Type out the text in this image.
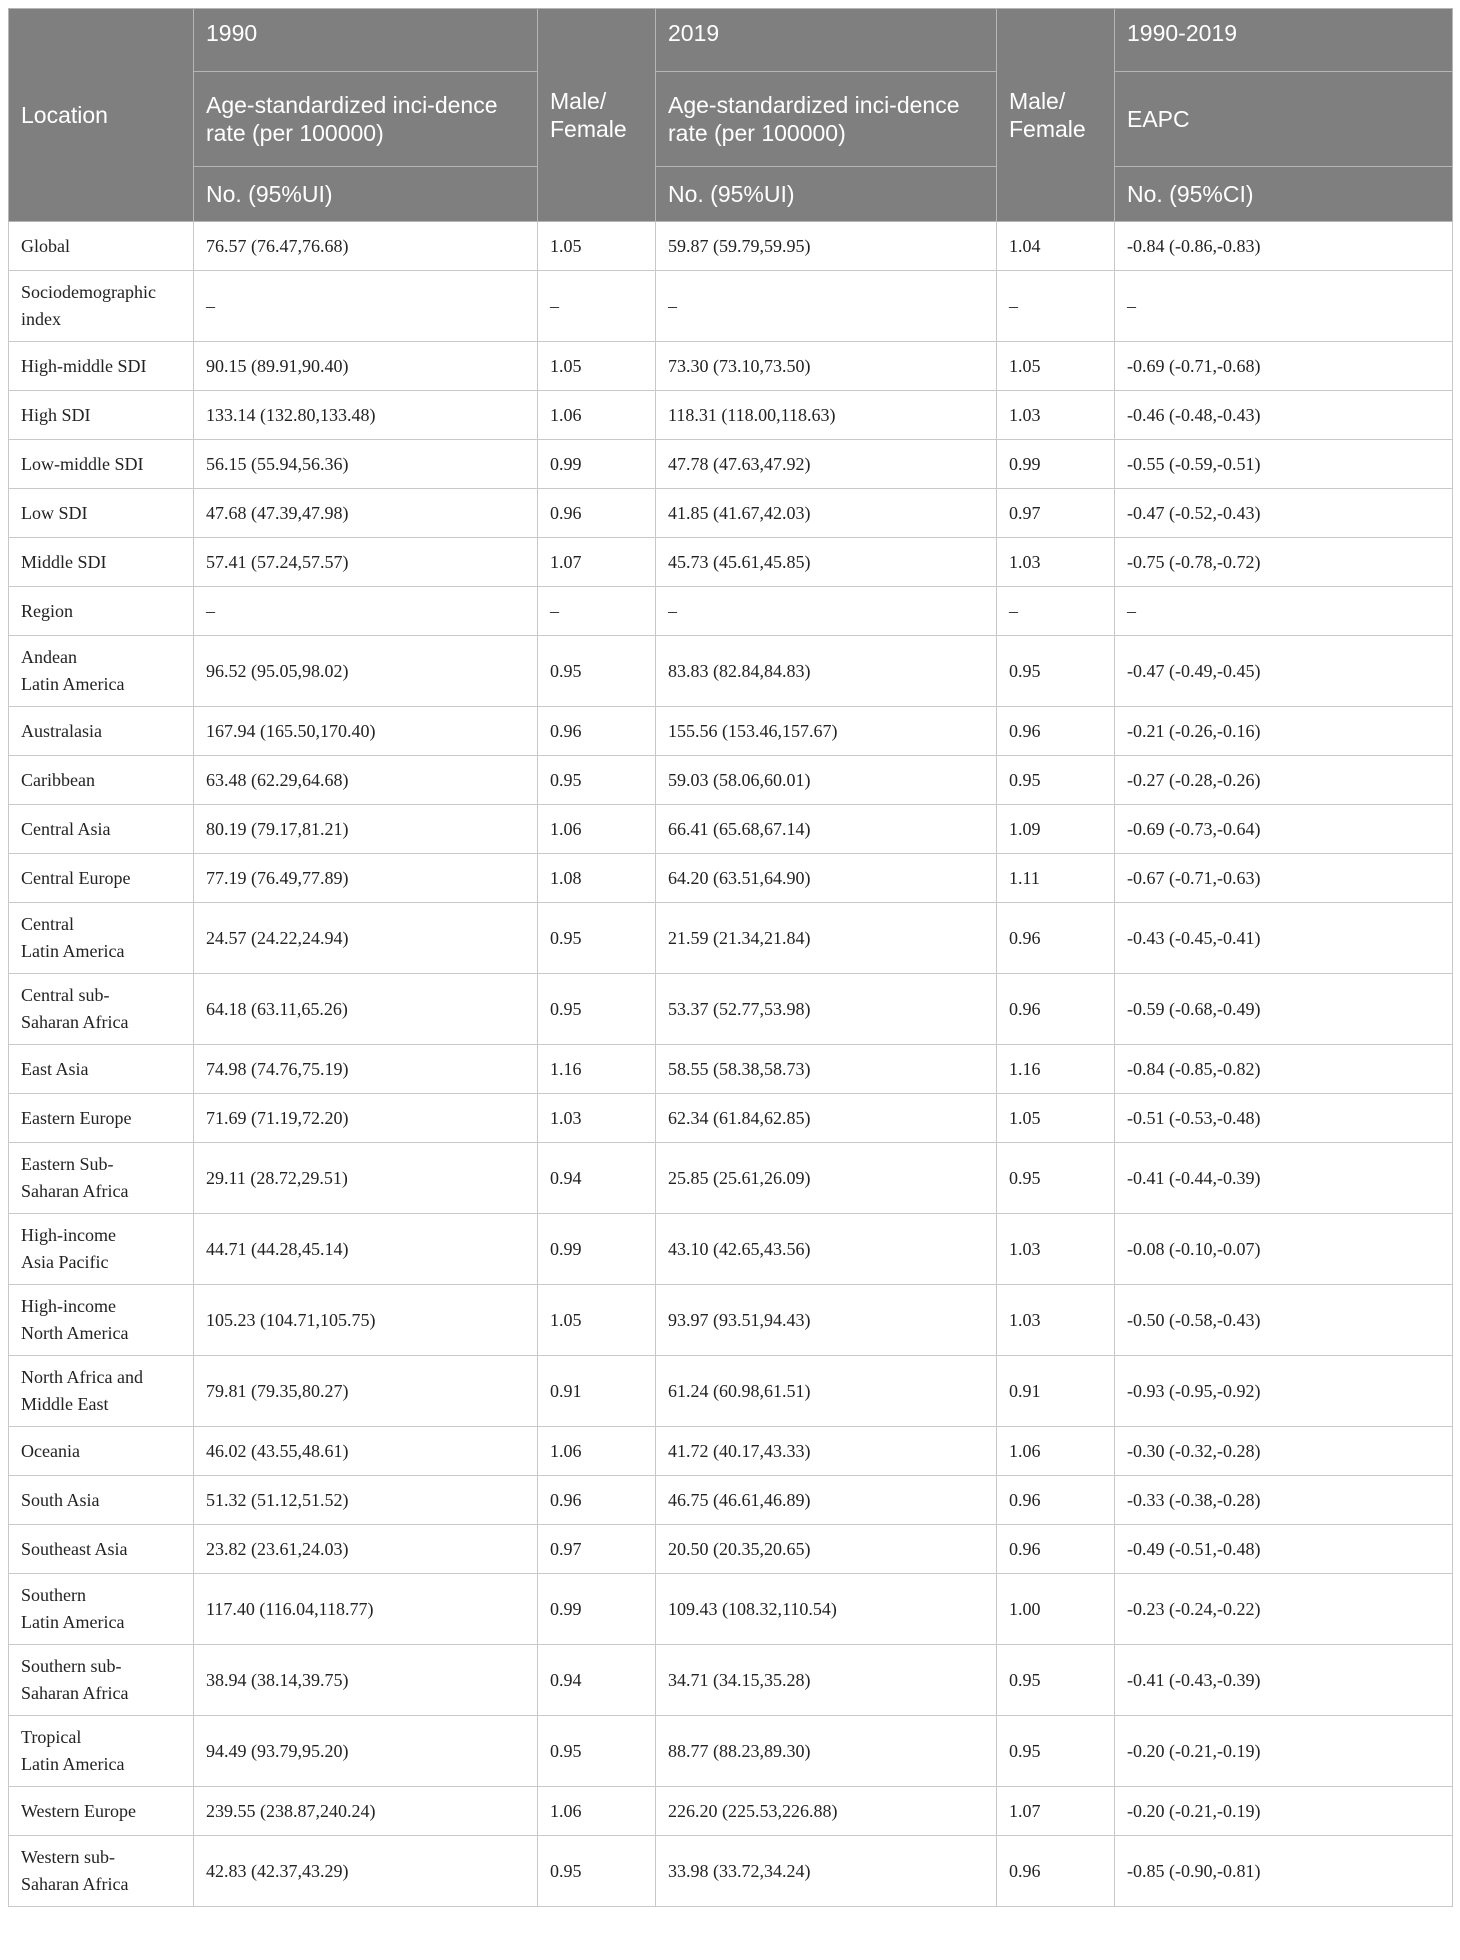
Location	1990	Male/ Female	2019	Male/ Female	1990-2019
	Age-standardized inci-dence rate (per 100000)		Age-standardized inci-dence rate (per 100000)		EAPC
	No. (95%UI)		No. (95%UI)		No. (95%CI)
Global	76.57 (76.47,76.68)	1.05	59.87 (59.79,59.95)	1.04	-0.84 (-0.86,-0.83)
Sociodemographic
index	–	–	–	–	–
High-middle SDI	90.15 (89.91,90.40)	1.05	73.30 (73.10,73.50)	1.05	-0.69 (-0.71,-0.68)
High SDI	133.14 (132.80,133.48)	1.06	118.31 (118.00,118.63)	1.03	-0.46 (-0.48,-0.43)
Low-middle SDI	56.15 (55.94,56.36)	0.99	47.78 (47.63,47.92)	0.99	-0.55 (-0.59,-0.51)
Low SDI	47.68 (47.39,47.98)	0.96	41.85 (41.67,42.03)	0.97	-0.47 (-0.52,-0.43)
Middle SDI	57.41 (57.24,57.57)	1.07	45.73 (45.61,45.85)	1.03	-0.75 (-0.78,-0.72)
Region	–	–	–	–	–
Andean
Latin America	96.52 (95.05,98.02)	0.95	83.83 (82.84,84.83)	0.95	-0.47 (-0.49,-0.45)
Australasia	167.94 (165.50,170.40)	0.96	155.56 (153.46,157.67)	0.96	-0.21 (-0.26,-0.16)
Caribbean	63.48 (62.29,64.68)	0.95	59.03 (58.06,60.01)	0.95	-0.27 (-0.28,-0.26)
Central Asia	80.19 (79.17,81.21)	1.06	66.41 (65.68,67.14)	1.09	-0.69 (-0.73,-0.64)
Central Europe	77.19 (76.49,77.89)	1.08	64.20 (63.51,64.90)	1.11	-0.67 (-0.71,-0.63)
Central
Latin America	24.57 (24.22,24.94)	0.95	21.59 (21.34,21.84)	0.96	-0.43 (-0.45,-0.41)
Central sub-
Saharan Africa	64.18 (63.11,65.26)	0.95	53.37 (52.77,53.98)	0.96	-0.59 (-0.68,-0.49)
East Asia	74.98 (74.76,75.19)	1.16	58.55 (58.38,58.73)	1.16	-0.84 (-0.85,-0.82)
Eastern Europe	71.69 (71.19,72.20)	1.03	62.34 (61.84,62.85)	1.05	-0.51 (-0.53,-0.48)
Eastern Sub-
Saharan Africa	29.11 (28.72,29.51)	0.94	25.85 (25.61,26.09)	0.95	-0.41 (-0.44,-0.39)
High-income
Asia Pacific	44.71 (44.28,45.14)	0.99	43.10 (42.65,43.56)	1.03	-0.08 (-0.10,-0.07)
High-income
North America	105.23 (104.71,105.75)	1.05	93.97 (93.51,94.43)	1.03	-0.50 (-0.58,-0.43)
North Africa and
Middle East	79.81 (79.35,80.27)	0.91	61.24 (60.98,61.51)	0.91	-0.93 (-0.95,-0.92)
Oceania	46.02 (43.55,48.61)	1.06	41.72 (40.17,43.33)	1.06	-0.30 (-0.32,-0.28)
South Asia	51.32 (51.12,51.52)	0.96	46.75 (46.61,46.89)	0.96	-0.33 (-0.38,-0.28)
Southeast Asia	23.82 (23.61,24.03)	0.97	20.50 (20.35,20.65)	0.96	-0.49 (-0.51,-0.48)
Southern
Latin America	117.40 (116.04,118.77)	0.99	109.43 (108.32,110.54)	1.00	-0.23 (-0.24,-0.22)
Southern sub-
Saharan Africa	38.94 (38.14,39.75)	0.94	34.71 (34.15,35.28)	0.95	-0.41 (-0.43,-0.39)
Tropical
Latin America	94.49 (93.79,95.20)	0.95	88.77 (88.23,89.30)	0.95	-0.20 (-0.21,-0.19)
Western Europe	239.55 (238.87,240.24)	1.06	226.20 (225.53,226.88)	1.07	-0.20 (-0.21,-0.19)
Western sub-
Saharan Africa	42.83 (42.37,43.29)	0.95	33.98 (33.72,34.24)	0.96	-0.85 (-0.90,-0.81)
